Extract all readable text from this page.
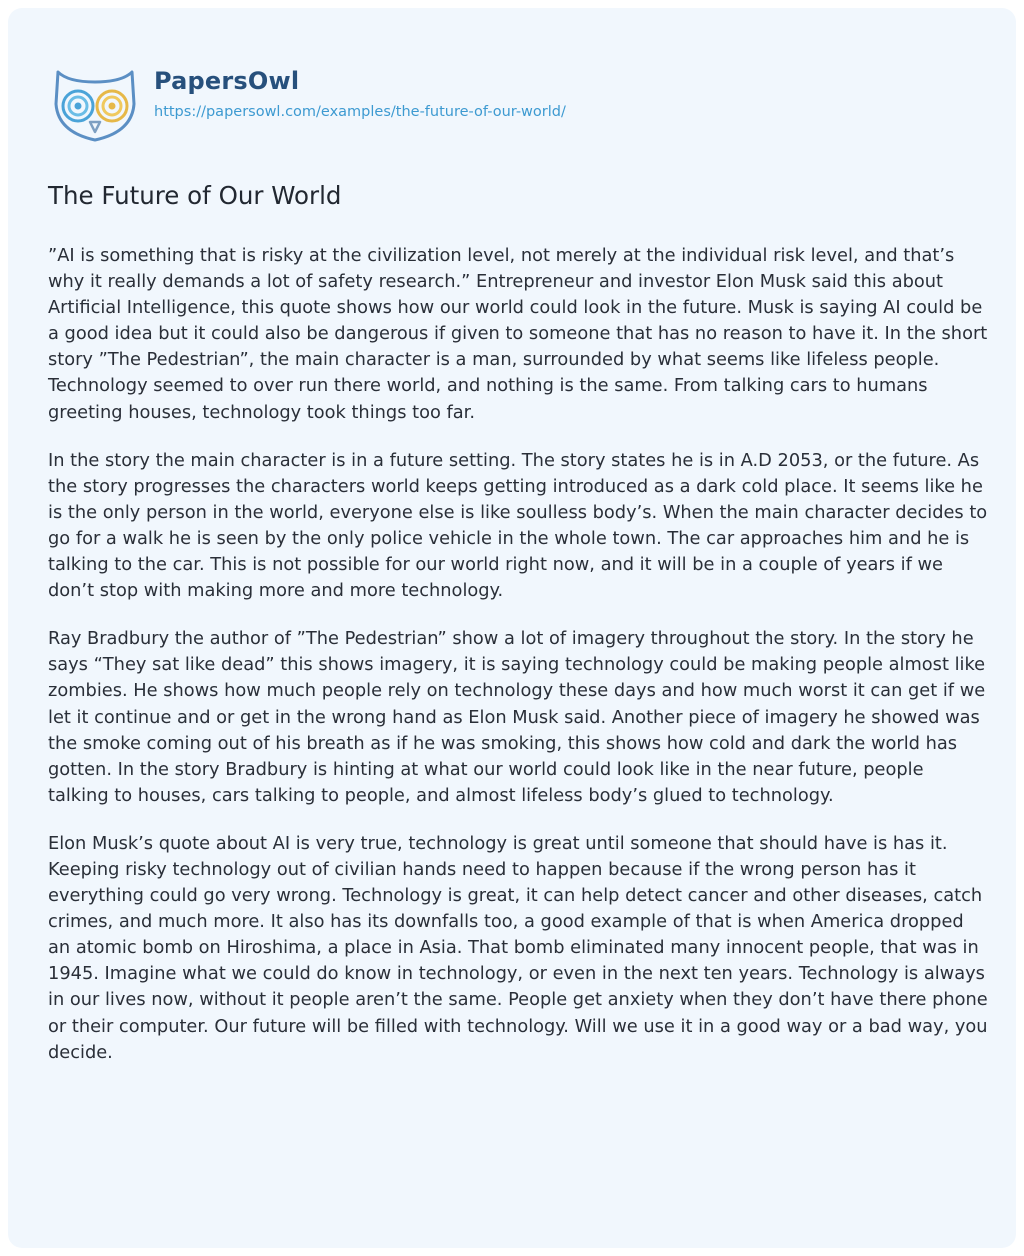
PapersOwl
https://papersowl.com/examples/the-future-of-our-world/
The Future of Our World

”AI is something that is risky at the civilization level, not merely at the individual risk level, and that’s why it really demands a lot of safety research.” Entrepreneur and investor Elon Musk said this about Artificial Intelligence, this quote shows how our world could look in the future. Musk is saying AI could be a good idea but it could also be dangerous if given to someone that has no reason to have it. In the short story ”The Pedestrian”, the main character is a man, surrounded by what seems like lifeless people. Technology seemed to over run there world, and nothing is the same. From talking cars to humans greeting houses, technology took things too far.

In the story the main character is in a future setting. The story states he is in A.D 2053, or the future. As the story progresses the characters world keeps getting introduced as a dark cold place. It seems like he is the only person in the world, everyone else is like soulless body’s. When the main character decides to go for a walk he is seen by the only police vehicle in the whole town. The car approaches him and he is talking to the car. This is not possible for our world right now, and it will be in a couple of years if we don’t stop with making more and more technology.

Ray Bradbury the author of ”The Pedestrian” show a lot of imagery throughout the story. In the story he says “They sat like dead” this shows imagery, it is saying technology could be making people almost like zombies. He shows how much people rely on technology these days and how much worst it can get if we let it continue and or get in the wrong hand as Elon Musk said. Another piece of imagery he showed was the smoke coming out of his breath as if he was smoking, this shows how cold and dark the world has gotten. In the story Bradbury is hinting at what our world could look like in the near future, people talking to houses, cars talking to people, and almost lifeless body’s glued to technology.

Elon Musk’s quote about AI is very true, technology is great until someone that should have is has it. Keeping risky technology out of civilian hands need to happen because if the wrong person has it everything could go very wrong. Technology is great, it can help detect cancer and other diseases, catch crimes, and much more. It also has its downfalls too, a good example of that is when America dropped an atomic bomb on Hiroshima, a place in Asia. That bomb eliminated many innocent people, that was in 1945. Imagine what we could do know in technology, or even in the next ten years. Technology is always in our lives now, without it people aren’t the same. People get anxiety when they don’t have there phone or their computer. Our future will be filled with technology. Will we use it in a good way or a bad way, you decide.
